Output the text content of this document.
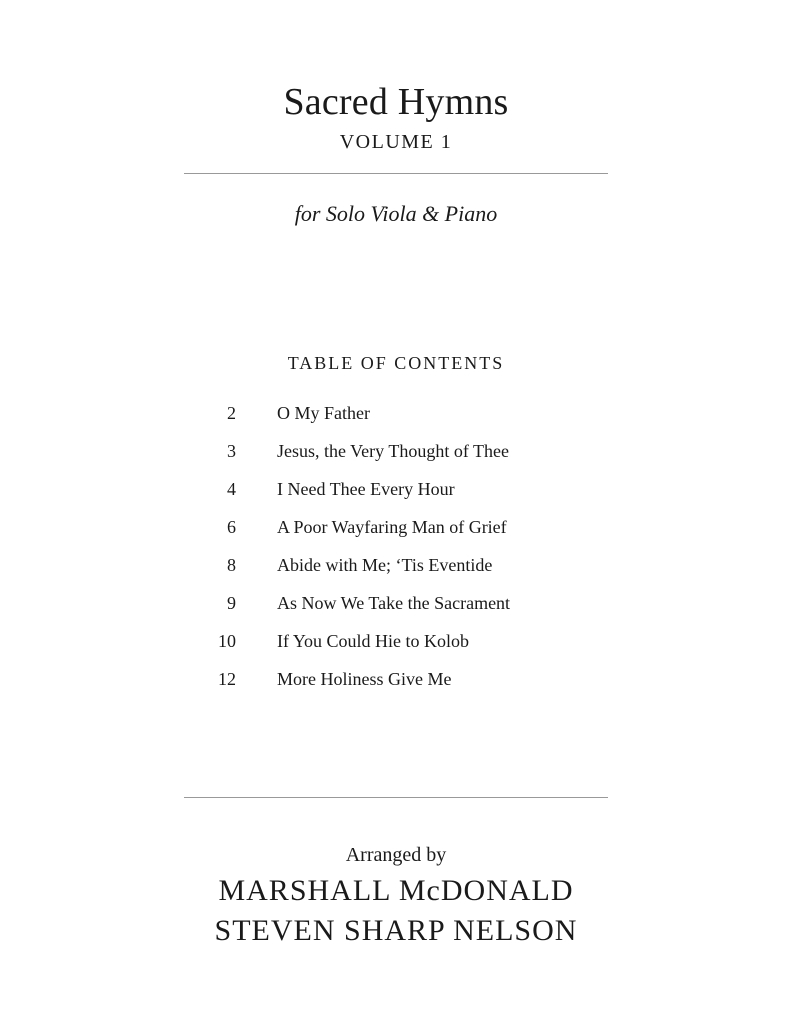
Sacred Hymns
VOLUME 1
for Solo Viola & Piano
TABLE OF CONTENTS
2 O My Father
3 Jesus, the Very Thought of Thee
4 I Need Thee Every Hour
6 A Poor Wayfaring Man of Grief
8 Abide with Me; ‘Tis Eventide
9 As Now We Take the Sacrament
10 If You Could Hie to Kolob
12 More Holiness Give Me
Arranged by
MARSHALL McDONALD
STEVEN SHARP NELSON
